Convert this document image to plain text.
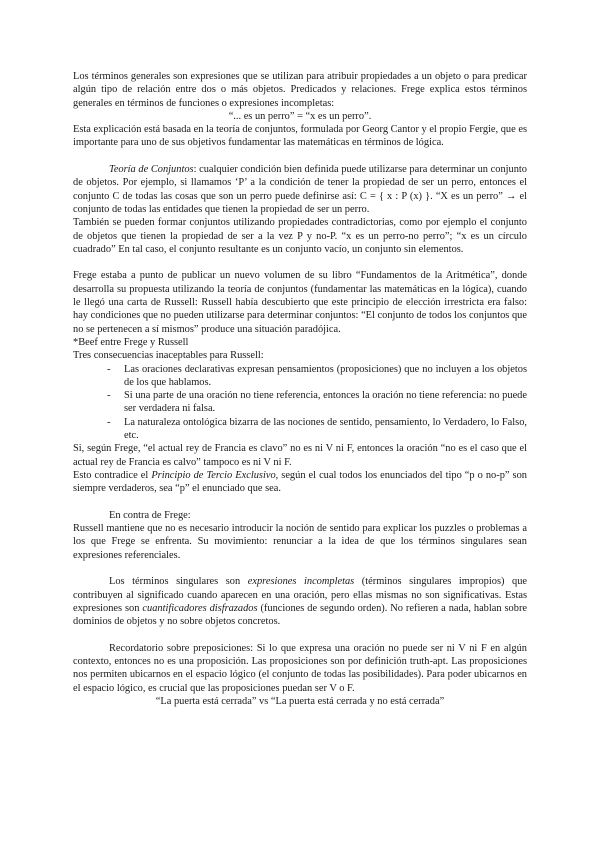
Los términos generales son expresiones que se utilizan para atribuir propiedades a un objeto o para predicar algún tipo de relación entre dos o más objetos. Predicados y relaciones. Frege explica estos términos generales en términos de funciones o expresiones incompletas:

“... es un perro” = “x es un perro”.

Esta explicación está basada en la teoría de conjuntos, formulada por Georg Cantor y el propio Fergie, que es importante para uno de sus objetivos fundamentar las matemáticas en términos de lógica.

Teoría de Conjuntos: cualquier condición bien definida puede utilizarse para determinar un conjunto de objetos. Por ejemplo, si llamamos ‘P’ a la condición de tener la propiedad de ser un perro, entonces el conjunto C de todas las cosas que son un perro puede definirse así: C = { x : P (x) }. “X es un perro” → el conjunto de todas las entidades que tienen la propiedad de ser un perro.

También se pueden formar conjuntos utilizando propiedades contradictorias, como por ejemplo el conjunto de objetos que tienen la propiedad de ser a la vez P y no-P. “x es un perro-no perro”; “x es un círculo cuadrado” En tal caso, el conjunto resultante es un conjunto vacío, un conjunto sin elementos.

Frege estaba a punto de publicar un nuevo volumen de su libro “Fundamentos de la Aritmética”, donde desarrolla su propuesta utilizando la teoría de conjuntos (fundamentar las matemáticas en la lógica), cuando le llegó una carta de Russell: Russell había descubierto que este principio de elección irrestricta era falso: hay condiciones que no pueden utilizarse para determinar conjuntos: “El conjunto de todos los conjuntos que no se pertenecen a sí mismos” produce una situación paradójica.

*Beef entre Frege y Russell

Tres consecuencias inaceptables para Russell:

- Las oraciones declarativas expresan pensamientos (proposiciones) que no incluyen a los objetos de los que hablamos.
- Si una parte de una oración no tiene referencia, entonces la oración no tiene referencia: no puede ser verdadera ni falsa.
- La naturaleza ontológica bizarra de las nociones de sentido, pensamiento, lo Verdadero, lo Falso, etc.

Si, según Frege, “el actual rey de Francia es clavo” no es ni V ni F, entonces la oración “no es el caso que el actual rey de Francia es calvo” tampoco es ni V ni F.

Esto contradice el Principio de Tercio Exclusivo, según el cual todos los enunciados del tipo “p o no-p” son siempre verdaderos, sea “p” el enunciado que sea.

En contra de Frege:

Russell mantiene que no es necesario introducir la noción de sentido para explicar los puzzles o problemas a los que Frege se enfrenta. Su movimiento: renunciar a la idea de que los términos singulares sean expresiones referenciales.

Los términos singulares son expresiones incompletas (términos singulares impropios) que contribuyen al significado cuando aparecen en una oración, pero ellas mismas no son significativas. Estas expresiones son cuantificadores disfrazados (funciones de segundo orden). No refieren a nada, hablan sobre dominios de objetos y no sobre objetos concretos.

Recordatorio sobre preposiciones: Si lo que expresa una oración no puede ser ni V ni F en algún contexto, entonces no es una proposición. Las proposiciones son por definición truth-apt. Las proposiciones nos permiten ubicarnos en el espacio lógico (el conjunto de todas las posibilidades). Para poder ubicarnos en el espacio lógico, es crucial que las proposiciones puedan ser V o F.

“La puerta está cerrada” vs “La puerta está cerrada y no está cerrada”
